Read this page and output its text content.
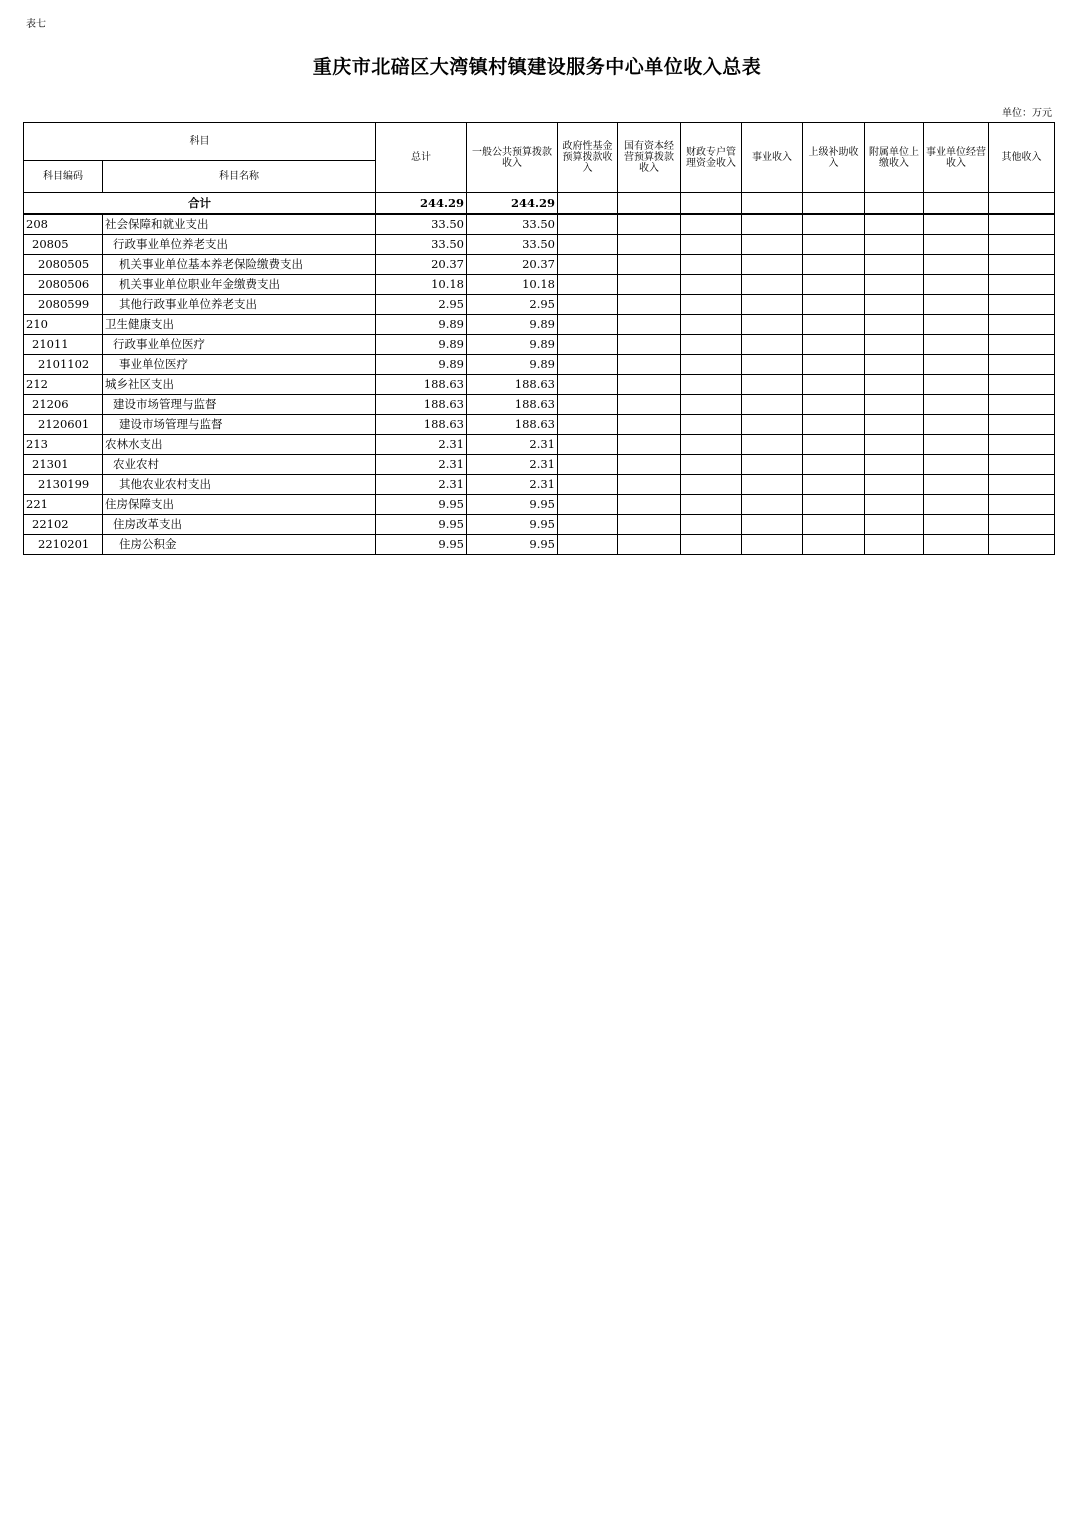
表七
重庆市北碚区大湾镇村镇建设服务中心单位收入总表
单位：万元
科目		总计	一般公共预算拨款收入	政府性基金预算拨款收入	国有资本经营预算拨款收入	财政专户管理资金收入	事业收入	上级补助收入	附属单位上缴收入	事业单位经营收入	其他收入
科目编码	科目名称										
合计		244.29	244.29								
208	社会保障和就业支出	33.50	33.50								
20805	行政事业单位养老支出	33.50	33.50								
2080505	机关事业单位基本养老保险缴费支出	20.37	20.37								
2080506	机关事业单位职业年金缴费支出	10.18	10.18								
2080599	其他行政事业单位养老支出	2.95	2.95								
210	卫生健康支出	9.89	9.89								
21011	行政事业单位医疗	9.89	9.89								
2101102	事业单位医疗	9.89	9.89								
212	城乡社区支出	188.63	188.63								
21206	建设市场管理与监督	188.63	188.63								
2120601	建设市场管理与监督	188.63	188.63								
213	农林水支出	2.31	2.31								
21301	农业农村	2.31	2.31								
2130199	其他农业农村支出	2.31	2.31								
221	住房保障支出	9.95	9.95								
22102	住房改革支出	9.95	9.95								
2210201	住房公积金	9.95	9.95								
